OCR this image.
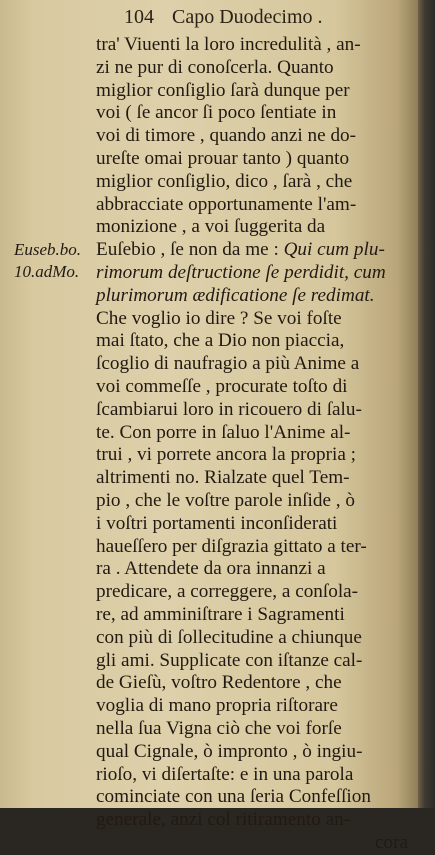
104 Capo Duodecimo .
Euseb.bo.
10.adMo.
tra' Viuenti la loro incredulità , an-
zi ne pur di conoſcerla. Quanto
miglior conſiglio ſarà dunque per
voi ( ſe ancor ſi poco ſentiate in
voi di timore , quando anzi ne do-
ureſte omai prouar tanto ) quanto
miglior conſiglio, dico , ſarà , che
abbracciate opportunamente l'am-
monizione , a voi ſuggerita da
Euſebio , ſe non da me : Qui cum plu-
rimorum deſtructione ſe perdidit, cum
plurimorum ædificatione ſe redimat.
Che voglio io dire ? Se voi foſte
mai ſtato, che a Dio non piaccia,
ſcoglio di naufragio a più Anime a
voi commeſſe , procurate toſto di
ſcambiarui loro in ricouero di ſalu-
te. Con porre in ſaluo l'Anime al-
trui , vi porrete ancora la propria ;
altrimenti no. Rialzate quel Tem-
pio , che le voſtre parole inſide , ò
i voſtri portamenti inconſiderati
haueſſero per diſgrazia gittato a ter-
ra . Attendete da ora innanzi a
predicare, a correggere, a conſola-
re, ad amminiſtrare i Sagramenti
con più di ſollecitudine a chiunque
gli ami. Supplicate con iſtanze cal-
de Gieſù, voſtro Redentore , che
voglia di mano propria riſtorare
nella ſua Vigna ciò che voi forſe
qual Cignale, ò impronto , ò ingiu-
rioſo, vi diſertaſte: e in una parola
cominciate con una ſeria Confeſſion
generale, anzi col ritiramento an-
cora
